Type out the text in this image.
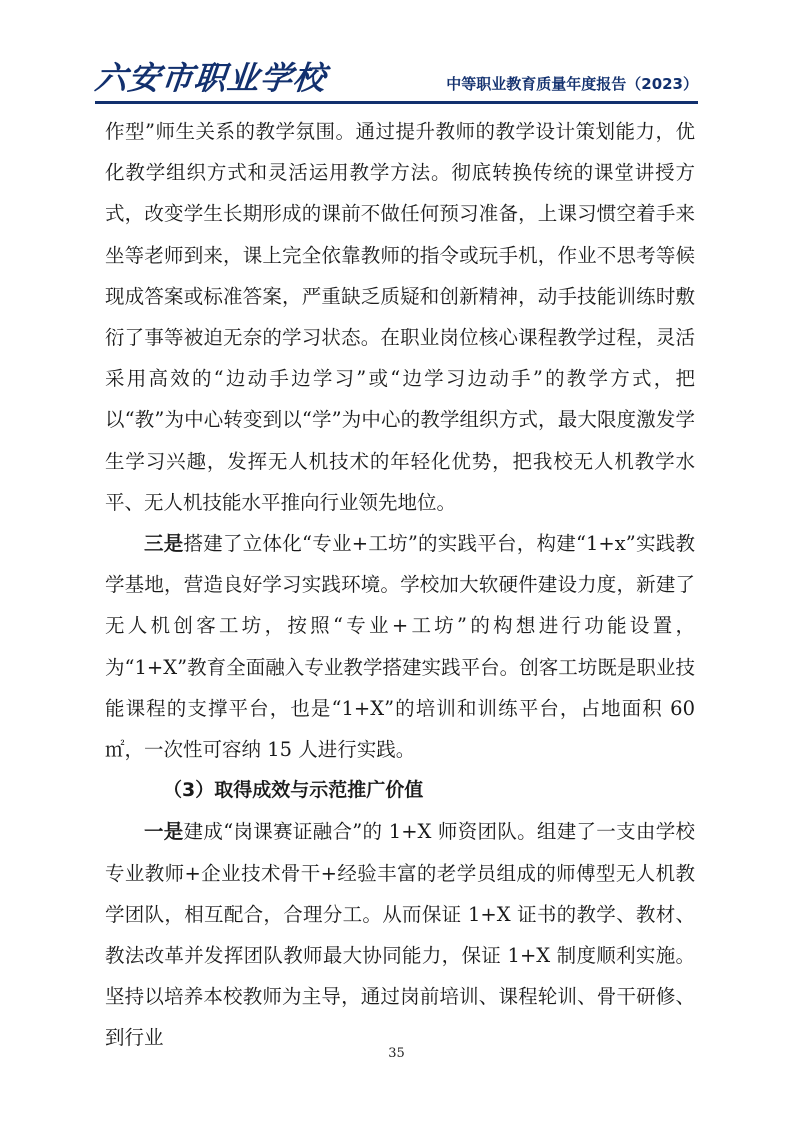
六安市职业学校	中等职业教育质量年度报告（2023）

作型”师生关系的教学氛围。通过提升教师的教学设计策划能力，优化教学组织方式和灵活运用教学方法。彻底转换传统的课堂讲授方式，改变学生长期形成的课前不做任何预习准备，上课习惯空着手来坐等老师到来，课上完全依靠教师的指令或玩手机，作业不思考等候现成答案或标准答案，严重缺乏质疑和创新精神，动手技能训练时敷衍了事等被迫无奈的学习状态。在职业岗位核心课程教学过程，灵活采用高效的“边动手边学习”或“边学习边动手”的教学方式，把以“教”为中心转变到以“学”为中心的教学组织方式，最大限度激发学生学习兴趣，发挥无人机技术的年轻化优势，把我校无人机教学水平、无人机技能水平推向行业领先地位。

三是搭建了立体化“专业+工坊”的实践平台，构建“1+x”实践教学基地，营造良好学习实践环境。学校加大软硬件建设力度，新建了无人机创客工坊，按照“专业+工坊”的构想进行功能设置，为“1+X”教育全面融入专业教学搭建实践平台。创客工坊既是职业技能课程的支撑平台，也是“1+X”的培训和训练平台，占地面积 60 ㎡，一次性可容纳 15 人进行实践。

（3）取得成效与示范推广价值

一是建成“岗课赛证融合”的 1+X 师资团队。组建了一支由学校专业教师+企业技术骨干+经验丰富的老学员组成的师傅型无人机教学团队，相互配合，合理分工。从而保证 1+X 证书的教学、教材、教法改革并发挥团队教师最大协同能力，保证 1+X 制度顺利实施。坚持以培养本校教师为主导，通过岗前培训、课程轮训、骨干研修、到行业

35
